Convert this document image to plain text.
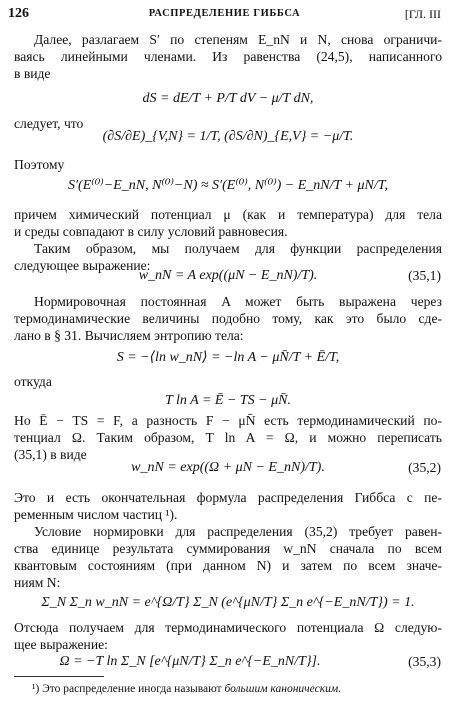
126	РАСПРЕДЕЛЕНИЕ ГИББСА	[ГЛ. III
Далее, разлагаем S′ по степеням E_nN и N, снова ограничи-
ваясь линейными членами. Из равенства (24,5), написанного
в виде
dS = dE/T + P/T dV − μ/T dN,
следует, что
(∂S/∂E)_{V,N} = 1/T, (∂S/∂N)_{E,V} = −μ/T.
Поэтому
S′(E⁽⁰⁾−E_nN, N⁽⁰⁾−N) ≈ S′(E⁽⁰⁾, N⁽⁰⁾) − E_nN/T + μN/T,
причем химический потенциал μ (как и температура) для тела
и среды совпадают в силу условий равновесия.
Таким образом, мы получаем для функции распределения
следующее выражение:
w_nN = A exp((μN − E_nN)/T).	(35,1)
Нормировочная постоянная A может быть выражена через
термодинамические величины подобно тому, как это было сде-
лано в § 31. Вычисляем энтропию тела:
S = −⟨ln w_nN⟩ = −ln A − μN̄/T + Ē/T,
откуда
T ln A = Ē − TS − μN̄.
Но Ē − TS = F, а разность F − μN̄ есть термодинамический по-
тенциал Ω. Таким образом, T ln A = Ω, и можно переписать
(35,1) в виде
w_nN = exp((Ω + μN − E_nN)/T).	(35,2)
Это и есть окончательная формула распределения Гиббса с пе-
ременным числом частиц ¹).
Условие нормировки для распределения (35,2) требует равен-
ства единице результата суммирования w_nN сначала по всем
квантовым состояниям (при данном N) и затем по всем значе-
ниям N:
Σ_N Σ_n w_nN = e^{Ω/T} Σ_N (e^{μN/T} Σ_n e^{−E_nN/T}) = 1.
Отсюда получаем для термодинамического потенциала Ω следую-
щее выражение:
Ω = −T ln Σ_N [e^{μN/T} Σ_n e^{−E_nN/T}].	(35,3)
¹) Это распределение иногда называют большим каноническим.
